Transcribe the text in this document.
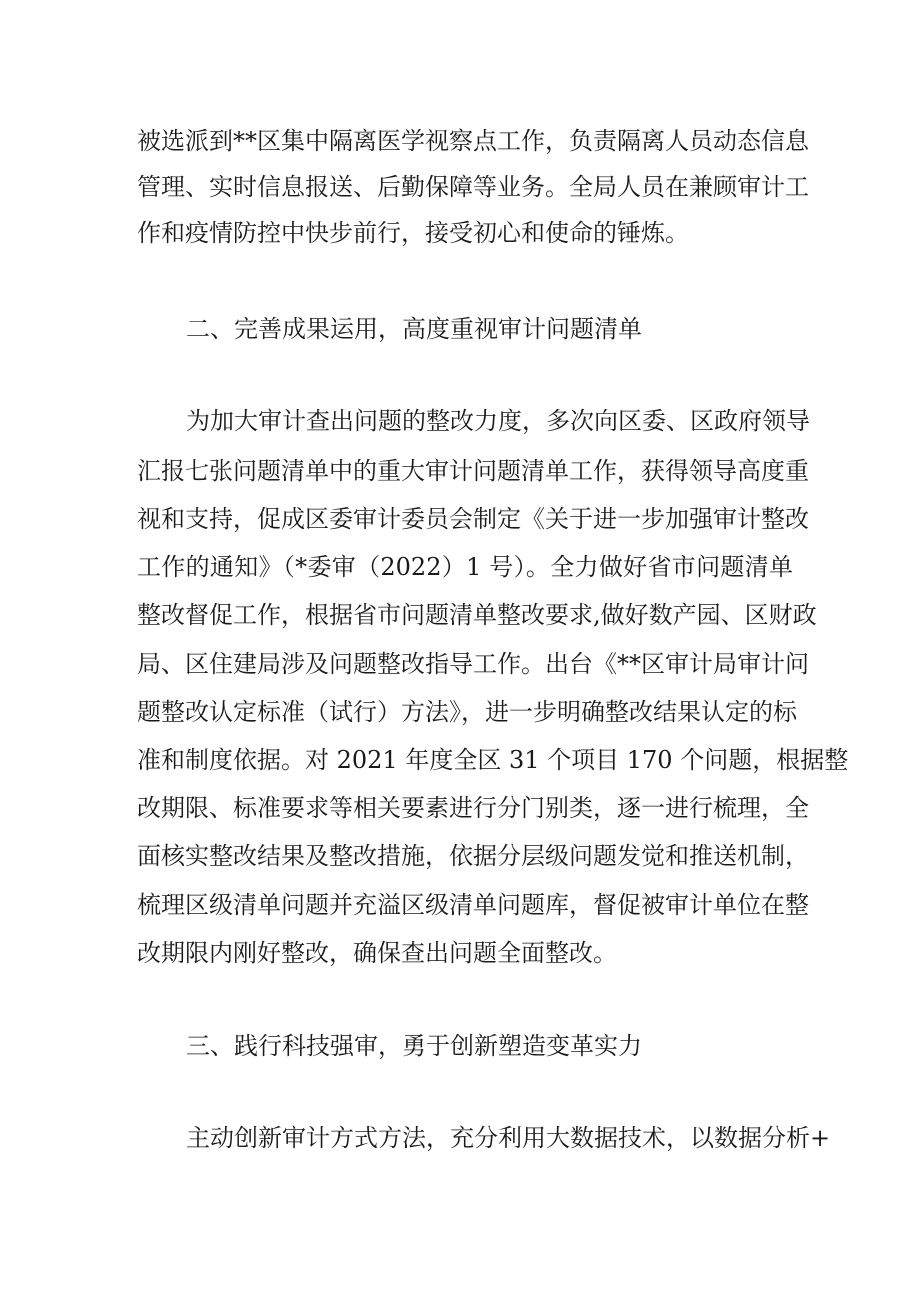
被选派到**区集中隔离医学视察点工作，负责隔离人员动态信息
管理、实时信息报送、后勤保障等业务。全局人员在兼顾审计工
作和疫情防控中快步前行，接受初心和使命的锤炼。
二、完善成果运用，高度重视审计问题清单
为加大审计查出问题的整改力度，多次向区委、区政府领导
汇报七张问题清单中的重大审计问题清单工作，获得领导高度重
视和支持，促成区委审计委员会制定《关于进一步加强审计整改
工作的通知》（*委审（2022）1 号）。全力做好省市问题清单
整改督促工作，根据省市问题清单整改要求,做好数产园、区财政
局、区住建局涉及问题整改指导工作。出台《**区审计局审计问
题整改认定标准（试行）方法》，进一步明确整改结果认定的标
准和制度依据。对 2021 年度全区 31 个项目 170 个问题，根据整
改期限、标准要求等相关要素进行分门别类，逐一进行梳理，全
面核实整改结果及整改措施，依据分层级问题发觉和推送机制，
梳理区级清单问题并充溢区级清单问题库，督促被审计单位在整
改期限内刚好整改，确保查出问题全面整改。
三、践行科技强审，勇于创新塑造变革实力
主动创新审计方式方法，充分利用大数据技术，以数据分析+
